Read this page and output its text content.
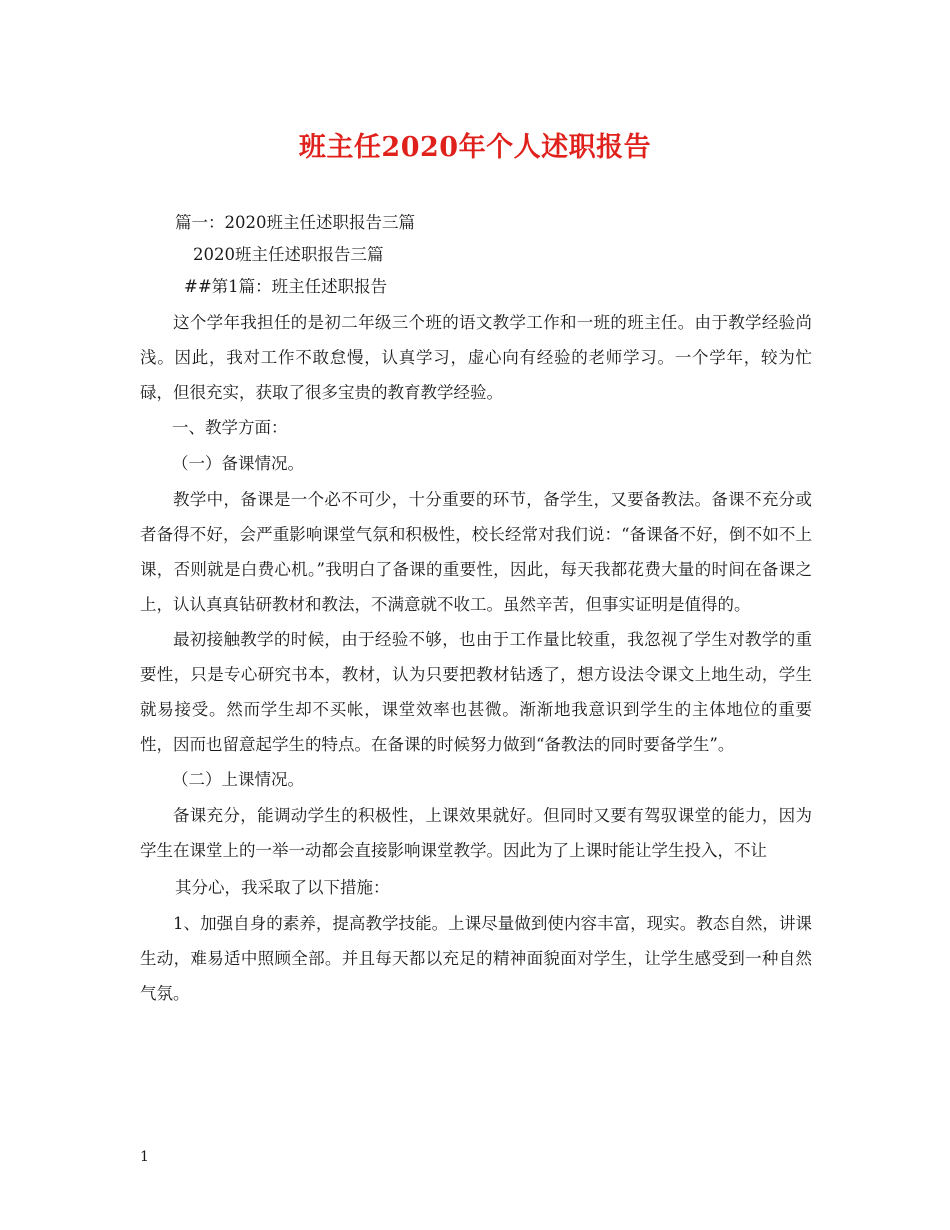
班主任2020年个人述职报告

篇一：2020班主任述职报告三篇

2020班主任述职报告三篇

##第1篇：班主任述职报告

这个学年我担任的是初二年级三个班的语文教学工作和一班的班主任。由于教学经验尚浅。因此，我对工作不敢怠慢，认真学习，虚心向有经验的老师学习。一个学年，较为忙碌，但很充实，获取了很多宝贵的教育教学经验。

一、教学方面：

（一）备课情况。

教学中，备课是一个必不可少，十分重要的环节，备学生，又要备教法。备课不充分或者备得不好，会严重影响课堂气氛和积极性，校长经常对我们说：“备课备不好，倒不如不上课，否则就是白费心机。”我明白了备课的重要性，因此，每天我都花费大量的时间在备课之上，认认真真钻研教材和教法，不满意就不收工。虽然辛苦，但事实证明是值得的。

最初接触教学的时候，由于经验不够，也由于工作量比较重，我忽视了学生对教学的重要性，只是专心研究书本，教材，认为只要把教材钻透了，想方设法令课文上地生动，学生就易接受。然而学生却不买帐，课堂效率也甚微。渐渐地我意识到学生的主体地位的重要性，因而也留意起学生的特点。在备课的时候努力做到“备教法的同时要备学生”。

（二）上课情况。

备课充分，能调动学生的积极性，上课效果就好。但同时又要有驾驭课堂的能力，因为学生在课堂上的一举一动都会直接影响课堂教学。因此为了上课时能让学生投入，不让

其分心，我采取了以下措施：

1、加强自身的素养，提高教学技能。上课尽量做到使内容丰富，现实。教态自然，讲课生动，难易适中照顾全部。并且每天都以充足的精神面貌面对学生，让学生感受到一种自然气氛。

1
